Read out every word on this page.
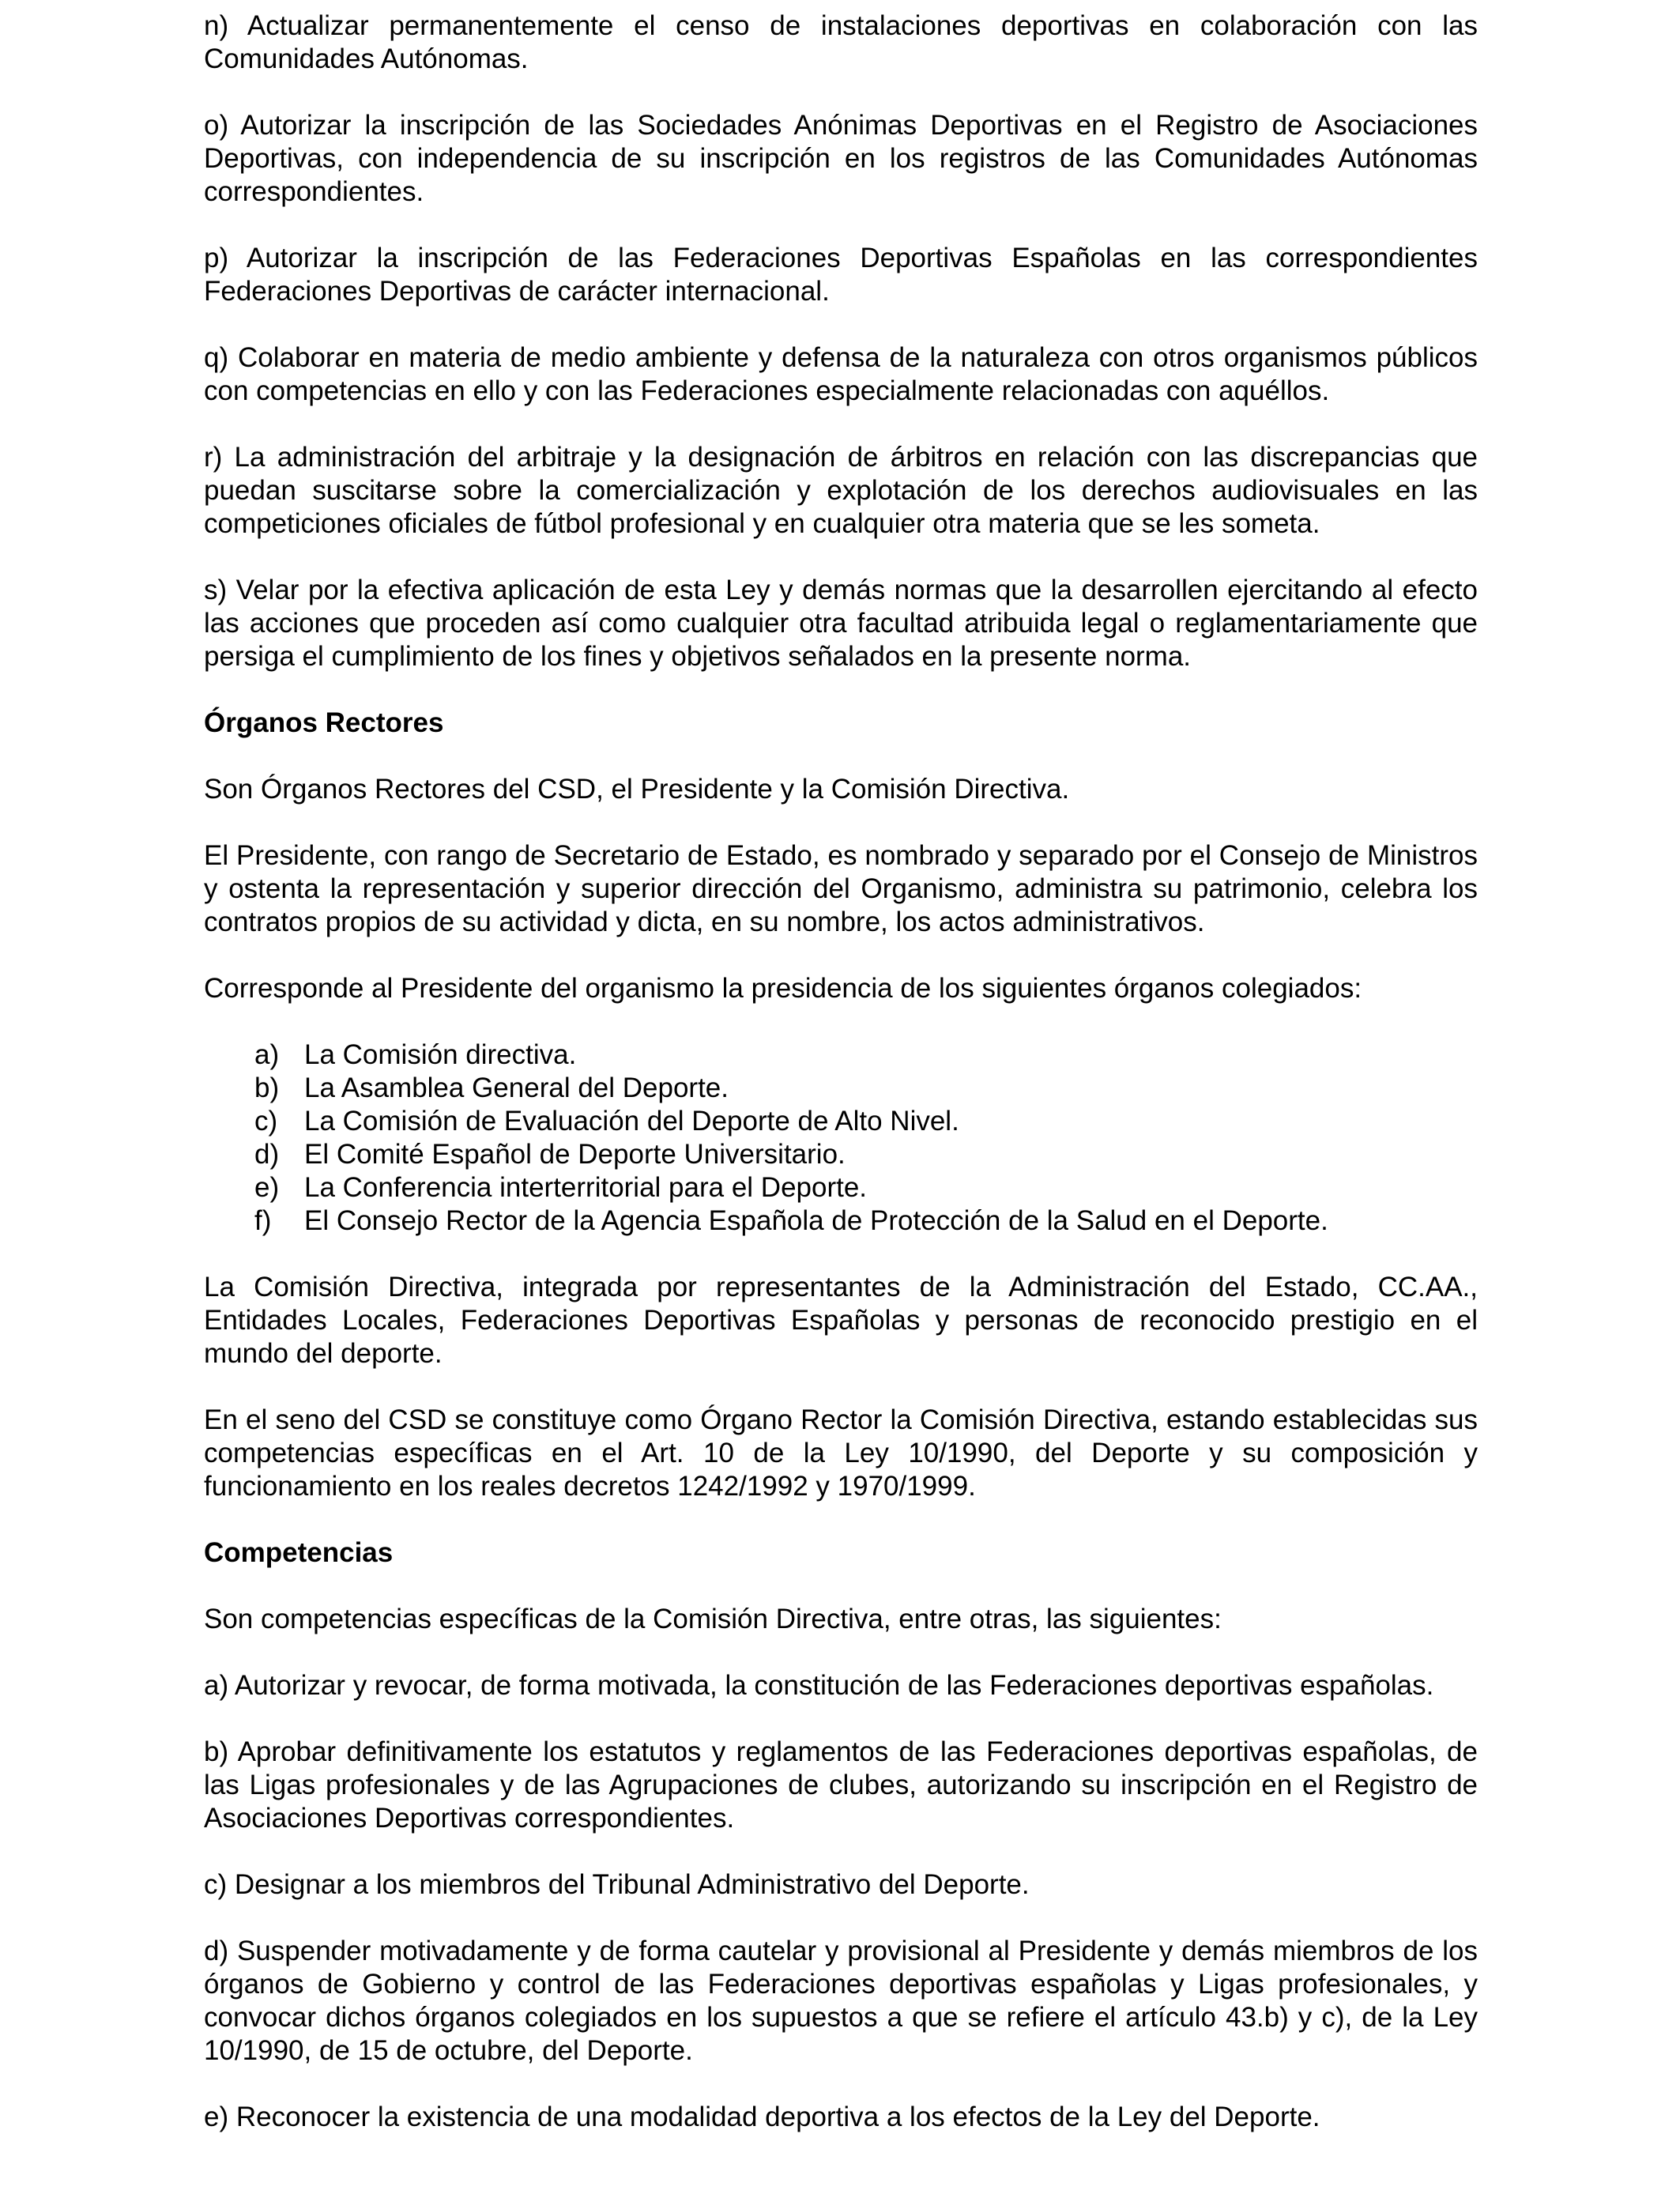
n) Actualizar permanentemente el censo de instalaciones deportivas en colaboración con las Comunidades Autónomas.

o) Autorizar la inscripción de las Sociedades Anónimas Deportivas en el Registro de Asociaciones Deportivas, con independencia de su inscripción en los registros de las Comunidades Autónomas correspondientes.

p) Autorizar la inscripción de las Federaciones Deportivas Españolas en las correspondientes Federaciones Deportivas de carácter internacional.

q) Colaborar en materia de medio ambiente y defensa de la naturaleza con otros organismos públicos con competencias en ello y con las Federaciones especialmente relacionadas con aquéllos.

r) La administración del arbitraje y la designación de árbitros en relación con las discrepancias que puedan suscitarse sobre la comercialización y explotación de los derechos audiovisuales en las competiciones oficiales de fútbol profesional y en cualquier otra materia que se les someta.

s) Velar por la efectiva aplicación de esta Ley y demás normas que la desarrollen ejercitando al efecto las acciones que proceden así como cualquier otra facultad atribuida legal o reglamentariamente que persiga el cumplimiento de los fines y objetivos señalados en la presente norma.

Órganos Rectores

Son Órganos Rectores del CSD, el Presidente y la Comisión Directiva.

El Presidente, con rango de Secretario de Estado, es nombrado y separado por el Consejo de Ministros y ostenta la representación y superior dirección del Organismo, administra su patrimonio, celebra los contratos propios de su actividad y dicta, en su nombre, los actos administrativos.

Corresponde al Presidente del organismo la presidencia de los siguientes órganos colegiados:

a) La Comisión directiva.
b) La Asamblea General del Deporte.
c) La Comisión de Evaluación del Deporte de Alto Nivel.
d) El Comité Español de Deporte Universitario.
e) La Conferencia interterritorial para el Deporte.
f) El Consejo Rector de la Agencia Española de Protección de la Salud en el Deporte.

La Comisión Directiva, integrada por representantes de la Administración del Estado, CC.AA., Entidades Locales, Federaciones Deportivas Españolas y personas de reconocido prestigio en el mundo del deporte.

En el seno del CSD se constituye como Órgano Rector la Comisión Directiva, estando establecidas sus competencias específicas en el Art. 10 de la Ley 10/1990, del Deporte y su composición y funcionamiento en los reales decretos 1242/1992 y 1970/1999.

Competencias

Son competencias específicas de la Comisión Directiva, entre otras, las siguientes:

a) Autorizar y revocar, de forma motivada, la constitución de las Federaciones deportivas españolas.

b) Aprobar definitivamente los estatutos y reglamentos de las Federaciones deportivas españolas, de las Ligas profesionales y de las Agrupaciones de clubes, autorizando su inscripción en el Registro de Asociaciones Deportivas correspondientes.

c) Designar a los miembros del Tribunal Administrativo del Deporte.

d) Suspender motivadamente y de forma cautelar y provisional al Presidente y demás miembros de los órganos de Gobierno y control de las Federaciones deportivas españolas y Ligas profesionales, y convocar dichos órganos colegiados en los supuestos a que se refiere el artículo 43.b) y c), de la Ley 10/1990, de 15 de octubre, del Deporte.

e) Reconocer la existencia de una modalidad deportiva a los efectos de la Ley del Deporte.
